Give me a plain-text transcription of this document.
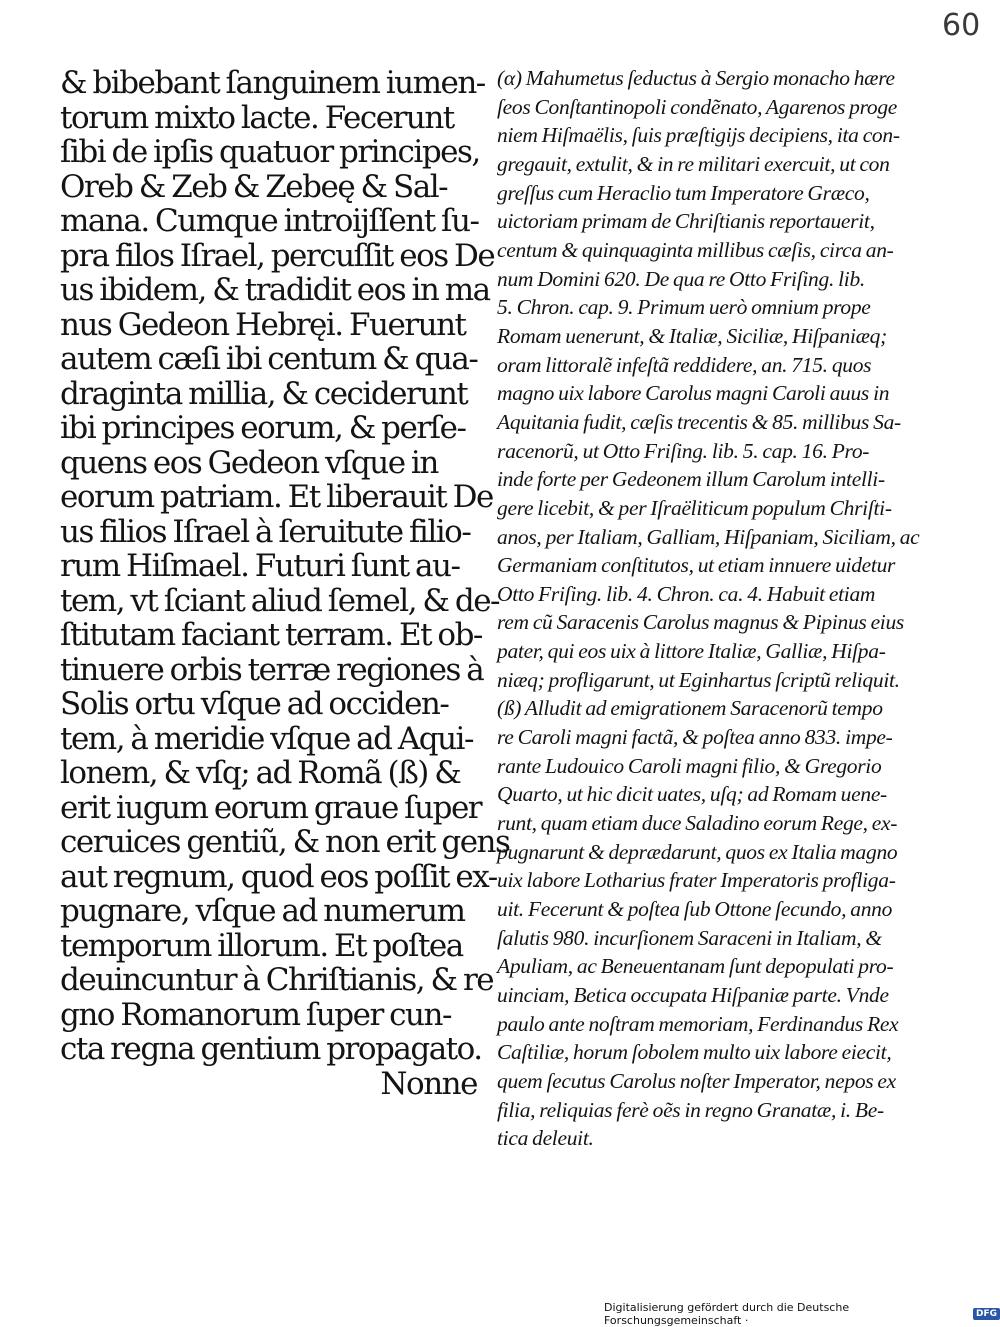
60
& bibebant ſanguinem iumen-
torum mixto lacte. Fecerunt
ſibi de ipſis quatuor principes,
Oreb & Zeb & Zebeę & Sal-
mana. Cumque introijſſent ſu-
pra filos Iſrael, percuſſit eos De
us ibidem, & tradidit eos in ma
nus Gedeon Hebręi. Fuerunt
autem cæſi ibi centum & qua-
draginta millia, & ceciderunt
ibi principes eorum, & perſe-
quens eos Gedeon vſque in
eorum patriam. Et liberauit De
us filios Iſrael à ſeruitute filio-
rum Hiſmael. Futuri ſunt au-
tem, vt ſciant aliud ſemel, & de-
ſtitutam faciant terram. Et ob-
tinuere orbis terræ regiones à
Solis ortu vſque ad occiden-
tem, à meridie vſque ad Aqui-
lonem, & vſq; ad Romã (ß) &
erit iugum eorum graue ſuper
ceruices gentiũ, & non erit gens
aut regnum, quod eos poſſit ex-
pugnare, vſque ad numerum
temporum illorum. Et poſtea
deuincuntur à Chriſtianis, & re
gno Romanorum ſuper cun-
cta regna gentium propagato.
Nonne
(α) Mahumetus ſeductus à Sergio monacho hære
ſeos Conſtantinopoli condẽnato, Agarenos proge
niem Hiſmaëlis, ſuis præſtigijs decipiens, ita con-
gregauit, extulit, & in re militari exercuit, ut con
greſſus cum Heraclio tum Imperatore Græco,
uictoriam primam de Chriſtianis reportauerit,
centum & quinquaginta millibus cæſis, circa an-
num Domini 620. De qua re Otto Friſing. lib.
5. Chron. cap. 9. Primum uerò omnium prope
Romam uenerunt, & Italiæ, Siciliæ, Hiſpaniæq;
oram littoralẽ infeſtã reddidere, an. 715. quos
magno uix labore Carolus magni Caroli auus in
Aquitania fudit, cæſis trecentis & 85. millibus Sa-
racenorũ, ut Otto Friſing. lib. 5. cap. 16. Pro-
inde forte per Gedeonem illum Carolum intelli-
gere licebit, & per Iſraëliticum populum Chriſti-
anos, per Italiam, Galliam, Hiſpaniam, Siciliam, ac
Germaniam conſtitutos, ut etiam innuere uidetur
Otto Friſing. lib. 4. Chron. ca. 4. Habuit etiam
rem cũ Saracenis Carolus magnus & Pipinus eius
pater, qui eos uix à littore Italiæ, Galliæ, Hiſpa-
niæq; profligarunt, ut Eginhartus ſcriptũ reliquit.
(ß) Alludit ad emigrationem Saracenorũ tempo
re Caroli magni factã, & poſtea anno 833. impe-
rante Ludouico Caroli magni filio, & Gregorio
Quarto, ut hic dicit uates, uſq; ad Romam uene-
runt, quam etiam duce Saladino eorum Rege, ex-
pugnarunt & deprædarunt, quos ex Italia magno
uix labore Lotharius frater Imperatoris profliga-
uit. Fecerunt & poſtea ſub Ottone ſecundo, anno
ſalutis 980. incurſionem Saraceni in Italiam, &
Apuliam, ac Beneuentanam ſunt depopulati pro-
uinciam, Betica occupata Hiſpaniæ parte. Vnde
paulo ante noſtram memoriam, Ferdinandus Rex
Caſtiliæ, horum ſobolem multo uix labore eiecit,
quem ſecutus Carolus noſter Imperator, nepos ex
filia, reliquias ferè oẽs in regno Granatæ, i. Be-
tica deleuit.
Digitalisierung gefördert durch die Deutsche Forschungsgemeinschaft ·	DFG
